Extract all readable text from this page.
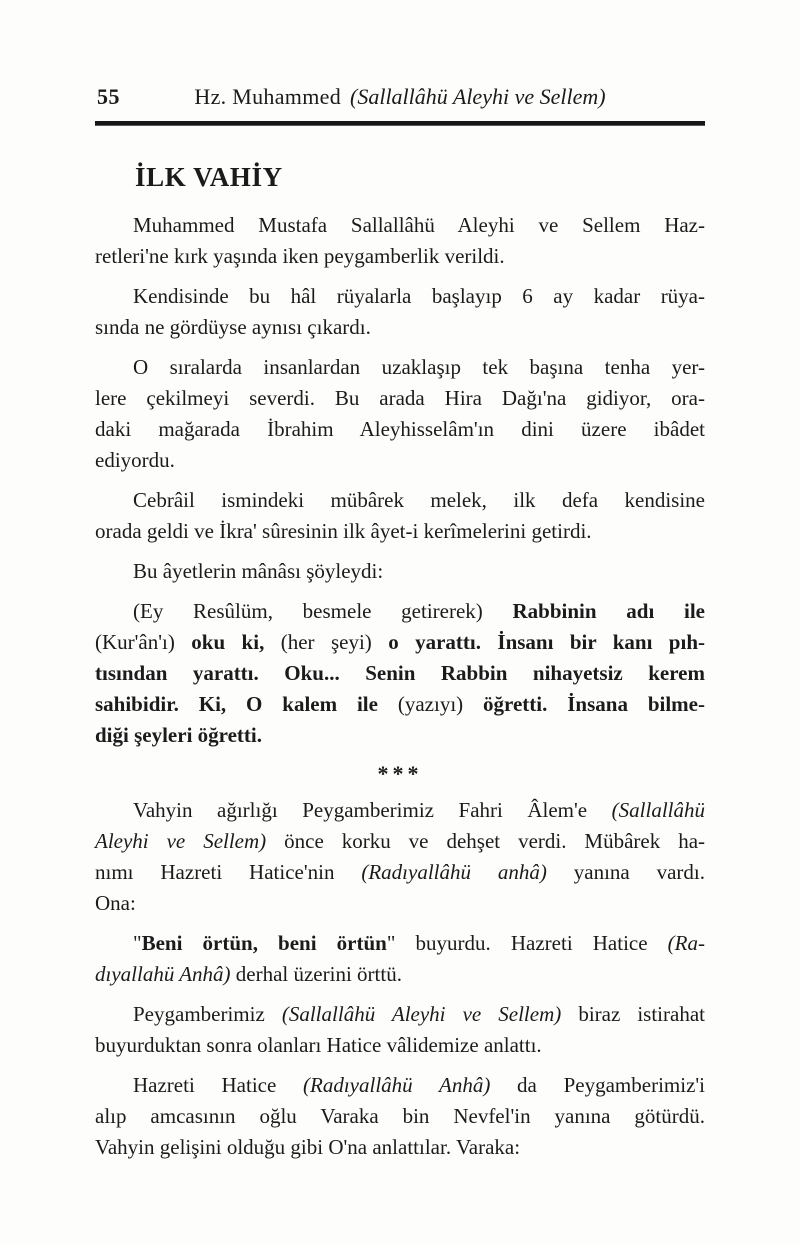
55	Hz. Muhammed (Sallallâhü Aleyhi ve Sellem)
İLK VAHİY
Muhammed Mustafa Sallallâhü Aleyhi ve Sellem Haz-
retleri'ne kırk yaşında iken peygamberlik verildi.
Kendisinde bu hâl rüyalarla başlayıp 6 ay kadar rüya-
sında ne gördüyse aynısı çıkardı.
O sıralarda insanlardan uzaklaşıp tek başına tenha yer-
lere çekilmeyi severdi. Bu arada Hira Dağı'na gidiyor, ora-
daki mağarada İbrahim Aleyhisselâm'ın dini üzere ibâdet
ediyordu.
Cebrâil ismindeki mübârek melek, ilk defa kendisine
orada geldi ve İkra' sûresinin ilk âyet-i kerîmelerini getirdi.
Bu âyetlerin mânâsı şöyleydi:
(Ey Resûlüm, besmele getirerek) Rabbinin adı ile
(Kur'ân'ı) oku ki, (her şeyi) o yarattı. İnsanı bir kanı pıh-
tısından yarattı. Oku... Senin Rabbin nihayetsiz kerem
sahibidir. Ki, O kalem ile (yazıyı) öğretti. İnsana bilme-
diği şeyleri öğretti.
***
Vahyin ağırlığı Peygamberimiz Fahri Âlem'e (Sallallâhü
Aleyhi ve Sellem) önce korku ve dehşet verdi. Mübârek ha-
nımı Hazreti Hatice'nin (Radıyallâhü anhâ) yanına vardı.
Ona:
"Beni örtün, beni örtün" buyurdu. Hazreti Hatice (Ra-
dıyallahü Anhâ) derhal üzerini örttü.
Peygamberimiz (Sallallâhü Aleyhi ve Sellem) biraz istirahat
buyurduktan sonra olanları Hatice vâlidemize anlattı.
Hazreti Hatice (Radıyallâhü Anhâ) da Peygamberimiz'i
alıp amcasının oğlu Varaka bin Nevfel'in yanına götürdü.
Vahyin gelişini olduğu gibi O'na anlattılar. Varaka:
